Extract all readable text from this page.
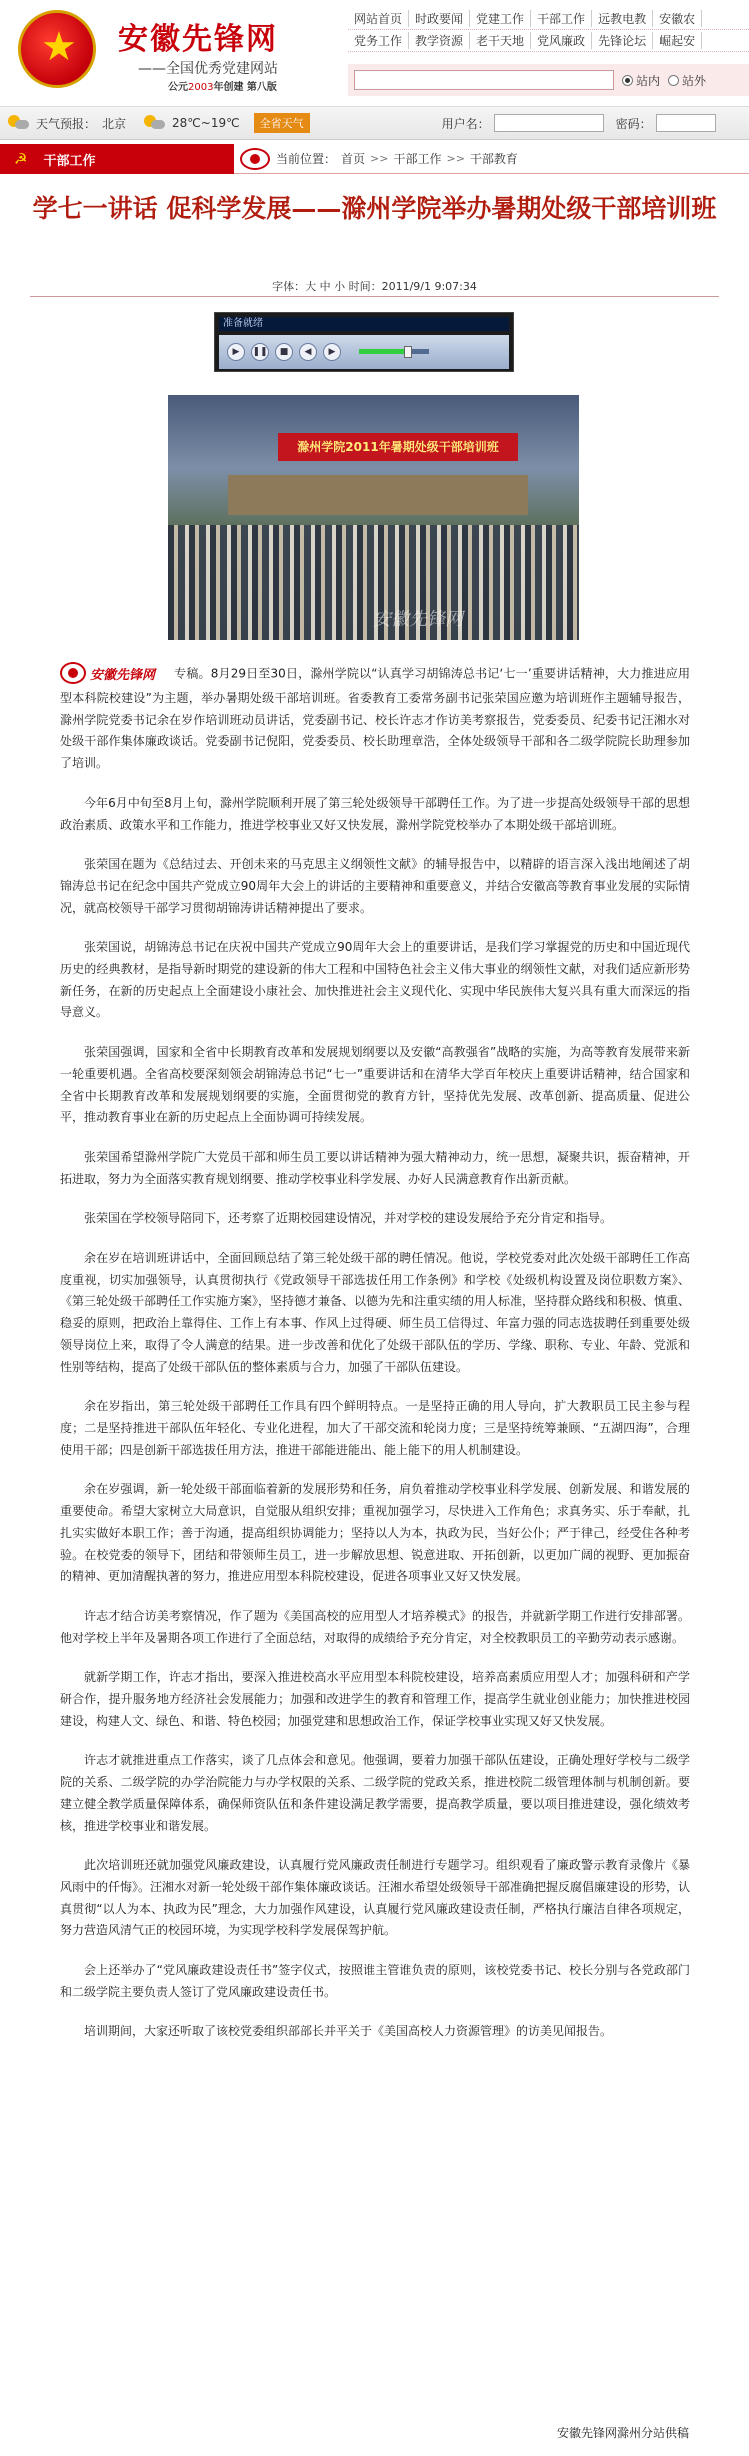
★ 安徽先锋网
——全国优秀党建网站
公元2003年创建 第八版
网站首页	时政要闻	党建工作	干部工作	远教电教	安徽农
党务工作	教学资源	老干天地	党风廉政	先锋论坛	崛起安
站内 站外
天气预报： 北京	28℃~19℃	全省天气	用户名：	密码：
☭ 干部工作	当前位置： 首页 >> 干部工作 >> 干部教育
学七一讲话 促科学发展——滁州学院举办暑期处级干部培训班
字体：大 中 小 时间：2011/9/1 9:07:34
准备就绪
▶	❚❚	■	◀	▶
滁州学院2011年暑期处级干部培训班
安徽先锋网

安徽先锋网 专稿。8月29日至30日，滁州学院以“认真学习胡锦涛总书记‘七一’重要讲话精神，大力推进应用型本科院校建设”为主题，举办暑期处级干部培训班。省委教育工委常务副书记张荣国应邀为培训班作主题辅导报告，滁州学院党委书记余在岁作培训班动员讲话，党委副书记、校长许志才作访美考察报告，党委委员、纪委书记汪湘水对处级干部作集体廉政谈话。党委副书记倪阳，党委委员、校长助理章浩，全体处级领导干部和各二级学院院长助理参加了培训。

今年6月中旬至8月上旬，滁州学院顺利开展了第三轮处级领导干部聘任工作。为了进一步提高处级领导干部的思想政治素质、政策水平和工作能力，推进学校事业又好又快发展，滁州学院党校举办了本期处级干部培训班。

张荣国在题为《总结过去、开创未来的马克思主义纲领性文献》的辅导报告中，以精辟的语言深入浅出地阐述了胡锦涛总书记在纪念中国共产党成立90周年大会上的讲话的主要精神和重要意义，并结合安徽高等教育事业发展的实际情况，就高校领导干部学习贯彻胡锦涛讲话精神提出了要求。

张荣国说，胡锦涛总书记在庆祝中国共产党成立90周年大会上的重要讲话，是我们学习掌握党的历史和中国近现代历史的经典教材，是指导新时期党的建设新的伟大工程和中国特色社会主义伟大事业的纲领性文献，对我们适应新形势新任务，在新的历史起点上全面建设小康社会、加快推进社会主义现代化、实现中华民族伟大复兴具有重大而深远的指导意义。

张荣国强调，国家和全省中长期教育改革和发展规划纲要以及安徽“高教强省”战略的实施，为高等教育发展带来新一轮重要机遇。全省高校要深刻领会胡锦涛总书记“七一”重要讲话和在清华大学百年校庆上重要讲话精神，结合国家和全省中长期教育改革和发展规划纲要的实施，全面贯彻党的教育方针，坚持优先发展、改革创新、提高质量、促进公平，推动教育事业在新的历史起点上全面协调可持续发展。

张荣国希望滁州学院广大党员干部和师生员工要以讲话精神为强大精神动力，统一思想，凝聚共识，振奋精神，开拓进取，努力为全面落实教育规划纲要、推动学校事业科学发展、办好人民满意教育作出新贡献。

张荣国在学校领导陪同下，还考察了近期校园建设情况，并对学校的建设发展给予充分肯定和指导。

余在岁在培训班讲话中，全面回顾总结了第三轮处级干部的聘任情况。他说，学校党委对此次处级干部聘任工作高度重视，切实加强领导，认真贯彻执行《党政领导干部选拔任用工作条例》和学校《处级机构设置及岗位职数方案》、《第三轮处级干部聘任工作实施方案》，坚持德才兼备、以德为先和注重实绩的用人标准，坚持群众路线和积极、慎重、稳妥的原则，把政治上靠得住、工作上有本事、作风上过得硬、师生员工信得过、年富力强的同志选拔聘任到重要处级领导岗位上来，取得了令人满意的结果。进一步改善和优化了处级干部队伍的学历、学缘、职称、专业、年龄、党派和性别等结构，提高了处级干部队伍的整体素质与合力，加强了干部队伍建设。

余在岁指出，第三轮处级干部聘任工作具有四个鲜明特点。一是坚持正确的用人导向，扩大教职员工民主参与程度；二是坚持推进干部队伍年轻化、专业化进程，加大了干部交流和轮岗力度；三是坚持统筹兼顾、“五湖四海”，合理使用干部；四是创新干部选拔任用方法，推进干部能进能出、能上能下的用人机制建设。

余在岁强调，新一轮处级干部面临着新的发展形势和任务，肩负着推动学校事业科学发展、创新发展、和谐发展的重要使命。希望大家树立大局意识，自觉服从组织安排；重视加强学习，尽快进入工作角色；求真务实、乐于奉献，扎扎实实做好本职工作；善于沟通，提高组织协调能力；坚持以人为本，执政为民，当好公仆；严于律己，经受住各种考验。在校党委的领导下，团结和带领师生员工，进一步解放思想、锐意进取、开拓创新，以更加广阔的视野、更加振奋的精神、更加清醒执著的努力，推进应用型本科院校建设，促进各项事业又好又快发展。

许志才结合访美考察情况，作了题为《美国高校的应用型人才培养模式》的报告，并就新学期工作进行安排部署。他对学校上半年及暑期各项工作进行了全面总结，对取得的成绩给予充分肯定，对全校教职员工的辛勤劳动表示感谢。

就新学期工作，许志才指出，要深入推进校高水平应用型本科院校建设，培养高素质应用型人才；加强科研和产学研合作，提升服务地方经济社会发展能力；加强和改进学生的教育和管理工作，提高学生就业创业能力；加快推进校园建设，构建人文、绿色、和谐、特色校园；加强党建和思想政治工作，保证学校事业实现又好又快发展。

许志才就推进重点工作落实，谈了几点体会和意见。他强调，要着力加强干部队伍建设，正确处理好学校与二级学院的关系、二级学院的办学治院能力与办学权限的关系、二级学院的党政关系，推进校院二级管理体制与机制创新。要建立健全教学质量保障体系，确保师资队伍和条件建设满足教学需要，提高教学质量，要以项目推进建设，强化绩效考核，推进学校事业和谐发展。

此次培训班还就加强党风廉政建设，认真履行党风廉政责任制进行专题学习。组织观看了廉政警示教育录像片《暴风雨中的仟悔》。汪湘水对新一轮处级干部作集体廉政谈话。汪湘水希望处级领导干部准确把握反腐倡廉建设的形势，认真贯彻“以人为本、执政为民”理念，大力加强作风建设，认真履行党风廉政建设责任制，严格执行廉洁自律各项规定，努力营造风清气正的校园环境，为实现学校科学发展保驾护航。

会上还举办了“党风廉政建设责任书”签字仪式，按照谁主管谁负责的原则，该校党委书记、校长分别与各党政部门和二级学院主要负责人签订了党风廉政建设责任书。

培训期间，大家还听取了该校党委组织部部长并平关于《美国高校人力资源管理》的访美见闻报告。

安徽先锋网滁州分站供稿
